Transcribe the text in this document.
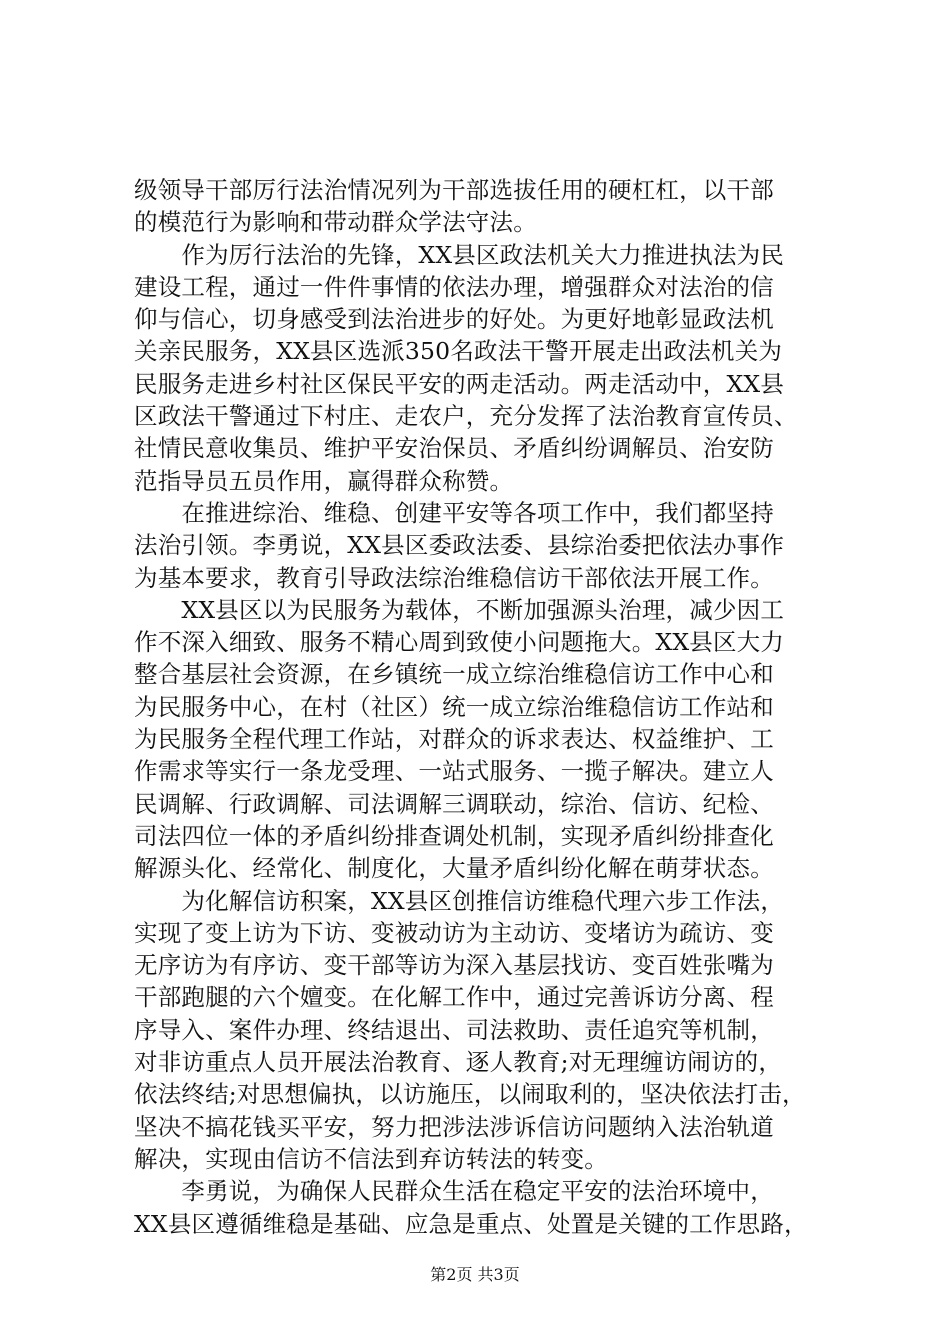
级领导干部厉行法治情况列为干部选拔任用的硬杠杠，以干部
的模范行为影响和带动群众学法守法。
　　作为厉行法治的先锋，XX县区政法机关大力推进执法为民
建设工程，通过一件件事情的依法办理，增强群众对法治的信
仰与信心，切身感受到法治进步的好处。为更好地彰显政法机
关亲民服务，XX县区选派350名政法干警开展走出政法机关为
民服务走进乡村社区保民平安的两走活动。两走活动中，XX县
区政法干警通过下村庄、走农户，充分发挥了法治教育宣传员、
社情民意收集员、维护平安治保员、矛盾纠纷调解员、治安防
范指导员五员作用，赢得群众称赞。
　　在推进综治、维稳、创建平安等各项工作中，我们都坚持
法治引领。李勇说，XX县区委政法委、县综治委把依法办事作
为基本要求，教育引导政法综治维稳信访干部依法开展工作。
　　XX县区以为民服务为载体，不断加强源头治理，减少因工
作不深入细致、服务不精心周到致使小问题拖大。XX县区大力
整合基层社会资源，在乡镇统一成立综治维稳信访工作中心和
为民服务中心，在村（社区）统一成立综治维稳信访工作站和
为民服务全程代理工作站，对群众的诉求表达、权益维护、工
作需求等实行一条龙受理、一站式服务、一揽子解决。建立人
民调解、行政调解、司法调解三调联动，综治、信访、纪检、
司法四位一体的矛盾纠纷排查调处机制，实现矛盾纠纷排查化
解源头化、经常化、制度化，大量矛盾纠纷化解在萌芽状态。
　　为化解信访积案，XX县区创推信访维稳代理六步工作法，
实现了变上访为下访、变被动访为主动访、变堵访为疏访、变
无序访为有序访、变干部等访为深入基层找访、变百姓张嘴为
干部跑腿的六个嬗变。在化解工作中，通过完善诉访分离、程
序导入、案件办理、终结退出、司法救助、责任追究等机制，
对非访重点人员开展法治教育、逐人教育;对无理缠访闹访的，
依法终结;对思想偏执，以访施压，以闹取利的，坚决依法打击，
坚决不搞花钱买平安，努力把涉法涉诉信访问题纳入法治轨道
解决，实现由信访不信法到弃访转法的转变。
　　李勇说，为确保人民群众生活在稳定平安的法治环境中，
XX县区遵循维稳是基础、应急是重点、处置是关键的工作思路，
第2页 共3页
